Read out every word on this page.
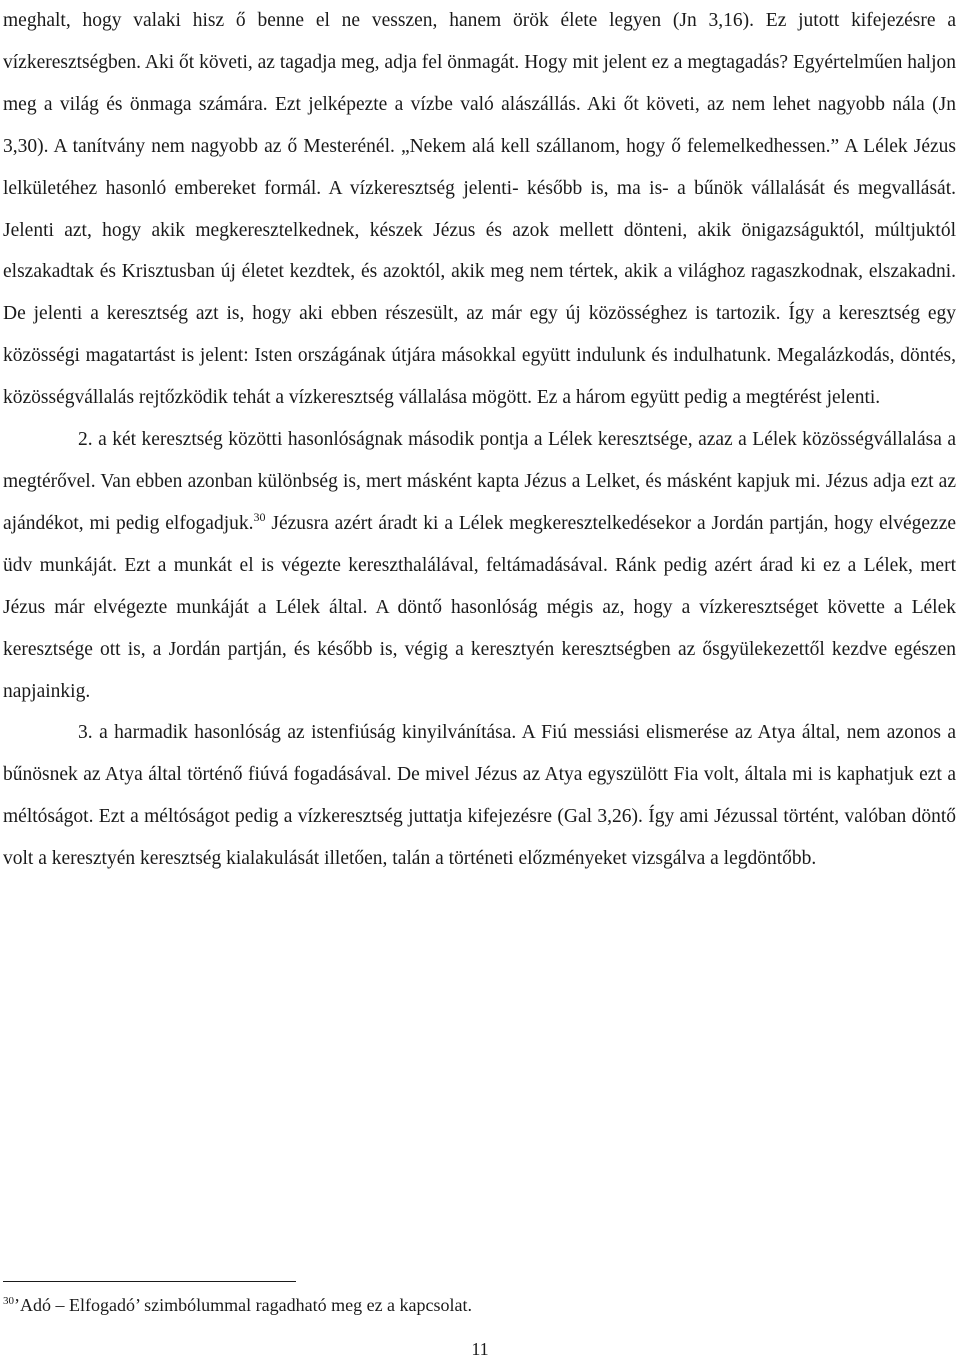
meghalt, hogy valaki hisz ő benne el ne vesszen, hanem örök élete legyen (Jn 3,16). Ez jutott kifejezésre a vízkeresztségben. Aki őt követi, az tagadja meg, adja fel önmagát. Hogy mit jelent ez a megtagadás? Egyértelműen haljon meg a világ és önmaga számára. Ezt jelképezte a vízbe való alászállás. Aki őt követi, az nem lehet nagyobb nála (Jn 3,30). A tanítvány nem nagyobb az ő Mesterénél. „Nekem alá kell szállanom, hogy ő felemelkedhessen.” A Lélek Jézus lelkületéhez hasonló embereket formál. A vízkeresztség jelenti- később is, ma is- a bűnök vállalását és megvallását. Jelenti azt, hogy akik megkeresztelkednek, készek Jézus és azok mellett dönteni, akik önigazságuktól, múltjuktól elszakadtak és Krisztusban új életet kezdtek, és azoktól, akik meg nem tértek, akik a világhoz ragaszkodnak, elszakadni. De jelenti a keresztség azt is, hogy aki ebben részesült, az már egy új közösséghez is tartozik. Így a keresztség egy közösségi magatartást is jelent: Isten országának útjára másokkal együtt indulunk és indulhatunk. Megalázkodás, döntés, közösségvállalás rejtőzködik tehát a vízkeresztség vállalása mögött. Ez a három együtt pedig a megtérést jelenti.

2. a két keresztség közötti hasonlóságnak második pontja a Lélek keresztsége, azaz a Lélek közösségvállalása a megtérővel. Van ebben azonban különbség is, mert másként kapta Jézus a Lelket, és másként kapjuk mi. Jézus adja ezt az ajándékot, mi pedig elfogadjuk.$^{30}$ Jézusra azért áradt ki a Lélek megkeresztelkedésekor a Jordán partján, hogy elvégezze üdv munkáját. Ezt a munkát el is végezte kereszthalálával, feltámadásával. Ránk pedig azért árad ki ez a Lélek, mert Jézus már elvégezte munkáját a Lélek által. A döntő hasonlóság mégis az, hogy a vízkeresztséget követte a Lélek keresztsége ott is, a Jordán partján, és később is, végig a keresztyén keresztségben az ősgyülekezettől kezdve egészen napjainkig.

3. a harmadik hasonlóság az istenfiúság kinyilvánítása. A Fiú messiási elismerése az Atya által, nem azonos a bűnösnek az Atya által történő fiúvá fogadásával. De mivel Jézus az Atya egyszülött Fia volt, általa mi is kaphatjuk ezt a méltóságot. Ezt a méltóságot pedig a vízkeresztség juttatja kifejezésre (Gal 3,26). Így ami Jézussal történt, valóban döntő volt a keresztyén keresztség kialakulását illetően, talán a történeti előzményeket vizsgálva a legdöntőbb.

$^{30}$’Adó – Elfogadó’ szimbólummal ragadható meg ez a kapcsolat.

11
